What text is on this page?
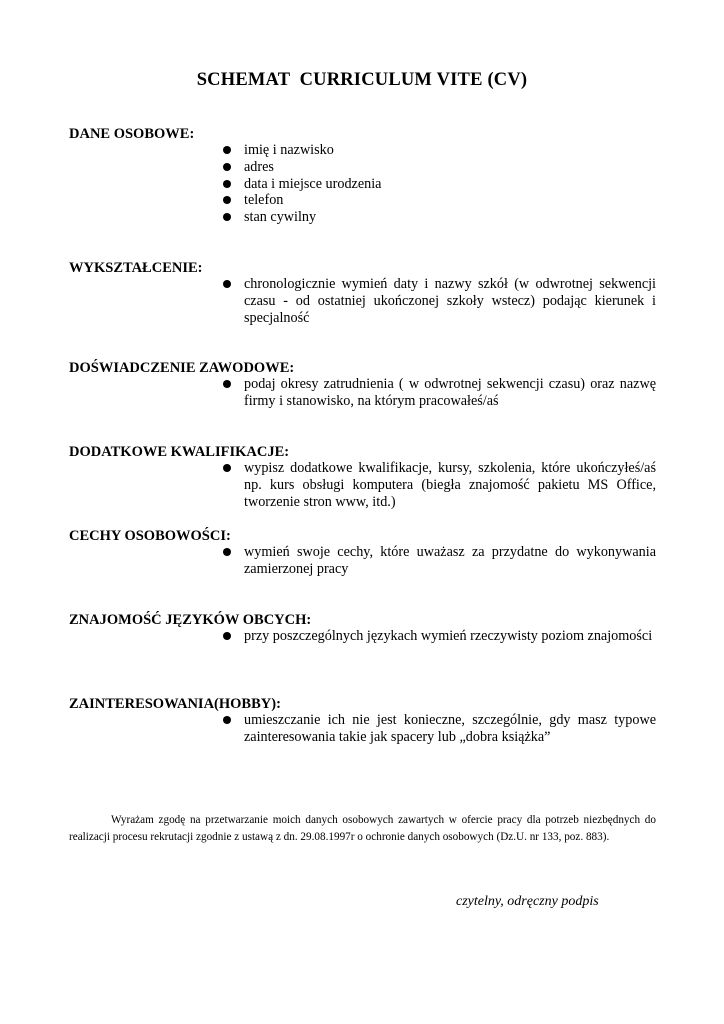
SCHEMAT  CURRICULUM VITE (CV)
DANE OSOBOWE:
imię i nazwisko
adres
data i miejsce urodzenia
telefon
stan cywilny
WYKSZTAŁCENIE:
chronologicznie wymień daty i nazwy szkół (w odwrotnej sekwencji czasu - od ostatniej ukończonej szkoły wstecz) podając kierunek i specjalność
DOŚWIADCZENIE ZAWODOWE:
podaj okresy zatrudnienia ( w odwrotnej sekwencji czasu) oraz nazwę firmy i stanowisko, na którym pracowałeś/aś
DODATKOWE KWALIFIKACJE:
wypisz dodatkowe kwalifikacje, kursy, szkolenia, które ukończyłeś/aś np. kurs obsługi komputera (biegła znajomość pakietu MS Office, tworzenie stron www, itd.)
CECHY OSOBOWOŚCI:
wymień swoje cechy, które uważasz za przydatne do wykonywania zamierzonej pracy
ZNAJOMOŚĆ JĘZYKÓW OBCYCH:
przy poszczególnych językach wymień rzeczywisty poziom znajomości
ZAINTERESOWANIA(HOBBY):
umieszczanie ich nie jest konieczne, szczególnie, gdy masz typowe zainteresowania takie jak spacery lub „dobra książka”
Wyrażam zgodę na przetwarzanie moich danych osobowych zawartych w ofercie pracy dla potrzeb niezbędnych do realizacji procesu rekrutacji zgodnie z ustawą z dn. 29.08.1997r o ochronie danych osobowych (Dz.U. nr 133, poz. 883).
czytelny, odręczny podpis
